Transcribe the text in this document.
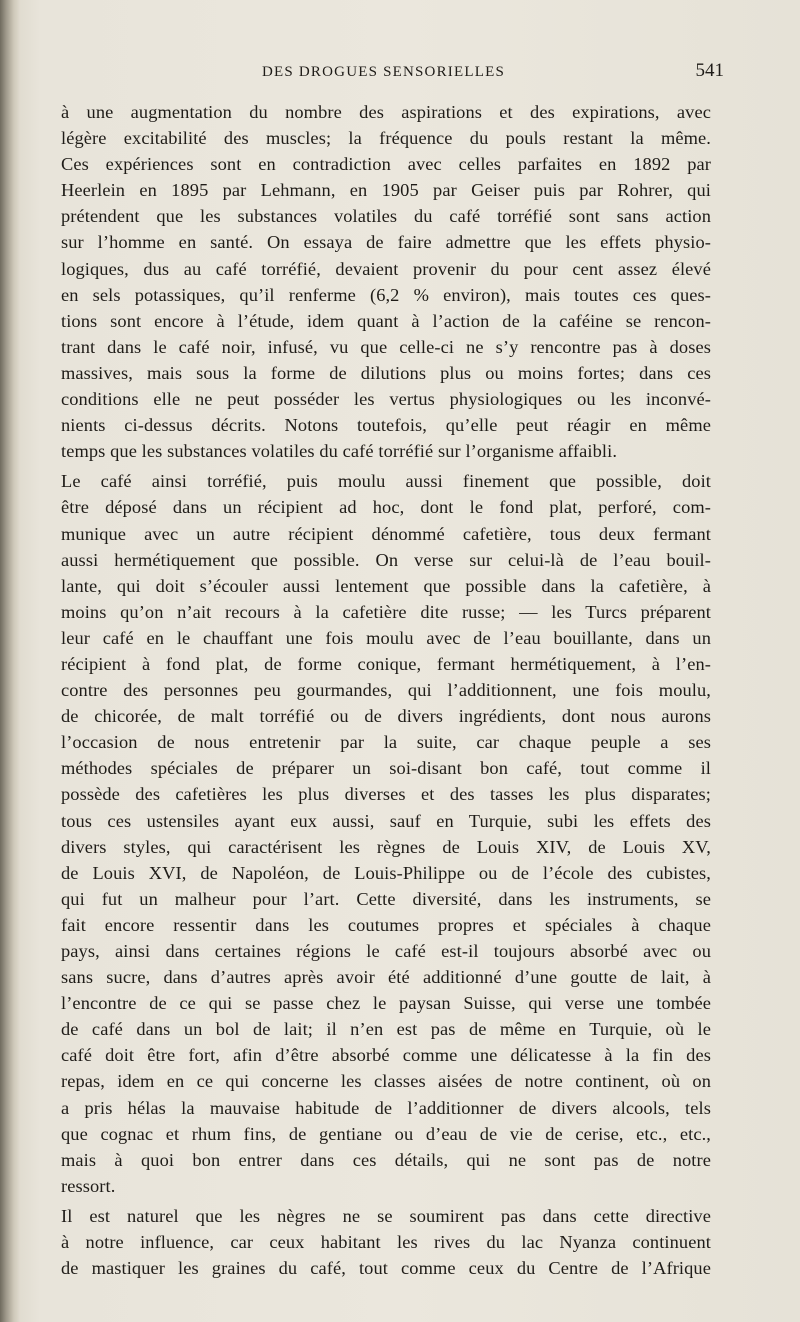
DES DROGUES SENSORIELLES	541
à une augmentation du nombre des aspirations et des expirations, avec
légère excitabilité des muscles; la fréquence du pouls restant la même.
Ces expériences sont en contradiction avec celles parfaites en 1892 par
Heerlein en 1895 par Lehmann, en 1905 par Geiser puis par Rohrer, qui
prétendent que les substances volatiles du café torréfié sont sans action
sur l’homme en santé. On essaya de faire admettre que les effets physio-
logiques, dus au café torréfié, devaient provenir du pour cent assez élevé
en sels potassiques, qu’il renferme (6,2 % environ), mais toutes ces ques-
tions sont encore à l’étude, idem quant à l’action de la caféine se rencon-
trant dans le café noir, infusé, vu que celle-ci ne s’y rencontre pas à doses
massives, mais sous la forme de dilutions plus ou moins fortes; dans ces
conditions elle ne peut posséder les vertus physiologiques ou les inconvé-
nients ci-dessus décrits. Notons toutefois, qu’elle peut réagir en même
temps que les substances volatiles du café torréfié sur l’organisme affaibli.
Le café ainsi torréfié, puis moulu aussi finement que possible, doit
être déposé dans un récipient ad hoc, dont le fond plat, perforé, com-
munique avec un autre récipient dénommé cafetière, tous deux fermant
aussi hermétiquement que possible. On verse sur celui-là de l’eau bouil-
lante, qui doit s’écouler aussi lentement que possible dans la cafetière, à
moins qu’on n’ait recours à la cafetière dite russe; — les Turcs préparent
leur café en le chauffant une fois moulu avec de l’eau bouillante, dans un
récipient à fond plat, de forme conique, fermant hermétiquement, à l’en-
contre des personnes peu gourmandes, qui l’additionnent, une fois moulu,
de chicorée, de malt torréfié ou de divers ingrédients, dont nous aurons
l’occasion de nous entretenir par la suite, car chaque peuple a ses
méthodes spéciales de préparer un soi-disant bon café, tout comme il
possède des cafetières les plus diverses et des tasses les plus disparates;
tous ces ustensiles ayant eux aussi, sauf en Turquie, subi les effets des
divers styles, qui caractérisent les règnes de Louis XIV, de Louis XV,
de Louis XVI, de Napoléon, de Louis-Philippe ou de l’école des cubistes,
qui fut un malheur pour l’art. Cette diversité, dans les instruments, se
fait encore ressentir dans les coutumes propres et spéciales à chaque
pays, ainsi dans certaines régions le café est-il toujours absorbé avec ou
sans sucre, dans d’autres après avoir été additionné d’une goutte de lait, à
l’encontre de ce qui se passe chez le paysan Suisse, qui verse une tombée
de café dans un bol de lait; il n’en est pas de même en Turquie, où le
café doit être fort, afin d’être absorbé comme une délicatesse à la fin des
repas, idem en ce qui concerne les classes aisées de notre continent, où on
a pris hélas la mauvaise habitude de l’additionner de divers alcools, tels
que cognac et rhum fins, de gentiane ou d’eau de vie de cerise, etc., etc.,
mais à quoi bon entrer dans ces détails, qui ne sont pas de notre
ressort.
Il est naturel que les nègres ne se soumirent pas dans cette directive
à notre influence, car ceux habitant les rives du lac Nyanza continuent
de mastiquer les graines du café, tout comme ceux du Centre de l’Afrique
